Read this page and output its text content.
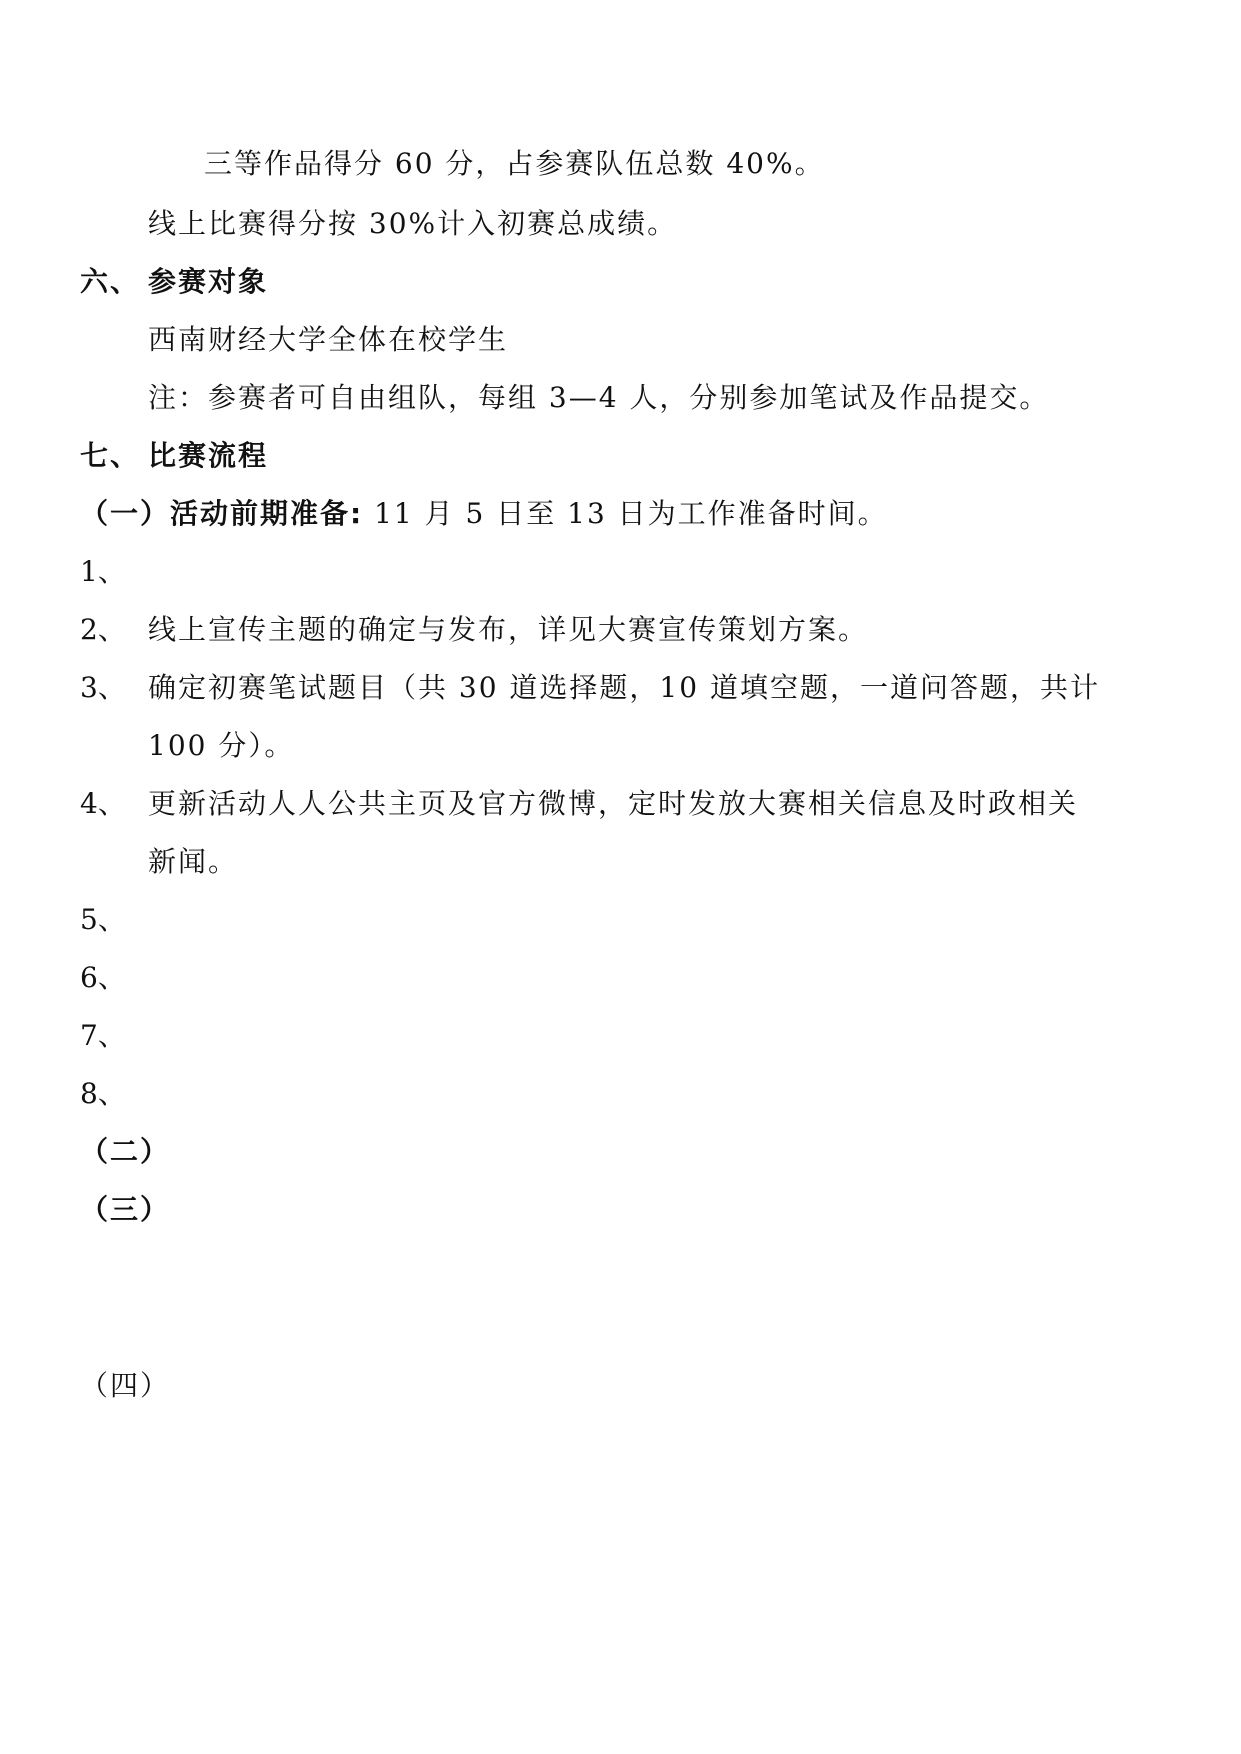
三等作品得分 60 分，占参赛队伍总数 40%。
线上比赛得分按 30%计入初赛总成绩。
六、 参赛对象
西南财经大学全体在校学生
注：参赛者可自由组队，每组 3—4 人，分别参加笔试及作品提交。
七、 比赛流程
（一）活动前期准备: 11 月 5 日至 13 日为工作准备时间。
1、
2、 线上宣传主题的确定与发布，详见大赛宣传策划方案。
3、 确定初赛笔试题目（共 30 道选择题，10 道填空题，一道问答题，共计
100 分）。
4、 更新活动人人公共主页及官方微博，定时发放大赛相关信息及时政相关
新闻。
5、
6、
7、
8、
（二）
（三）
（四）
